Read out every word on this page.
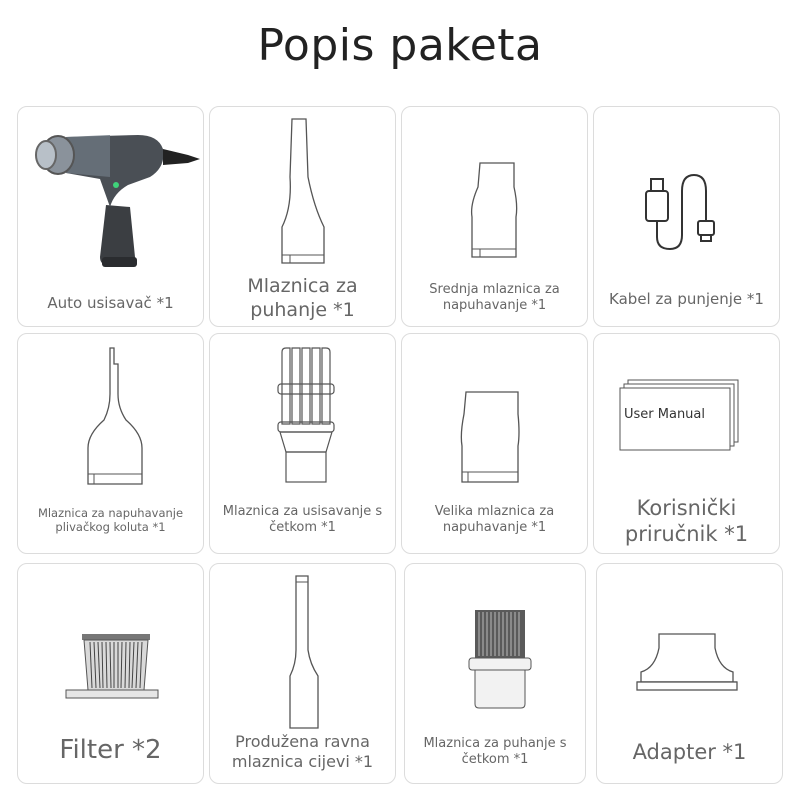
Popis paketa
Auto usisavač *1
Mlaznica za puhanje *1
Srednja mlaznica za napuhavanje *1	Kabel za punjenje *1
Mlaznica za napuhavanje plivačkog koluta *1
Mlaznica za usisavanje s četkom *1
Velika mlaznica za napuhavanje *1
User Manual
Korisnički priručnik *1
Filter *2	Produžena ravna mlaznica cijevi *1
Mlaznica za puhanje s četkom *1	Adapter *1
